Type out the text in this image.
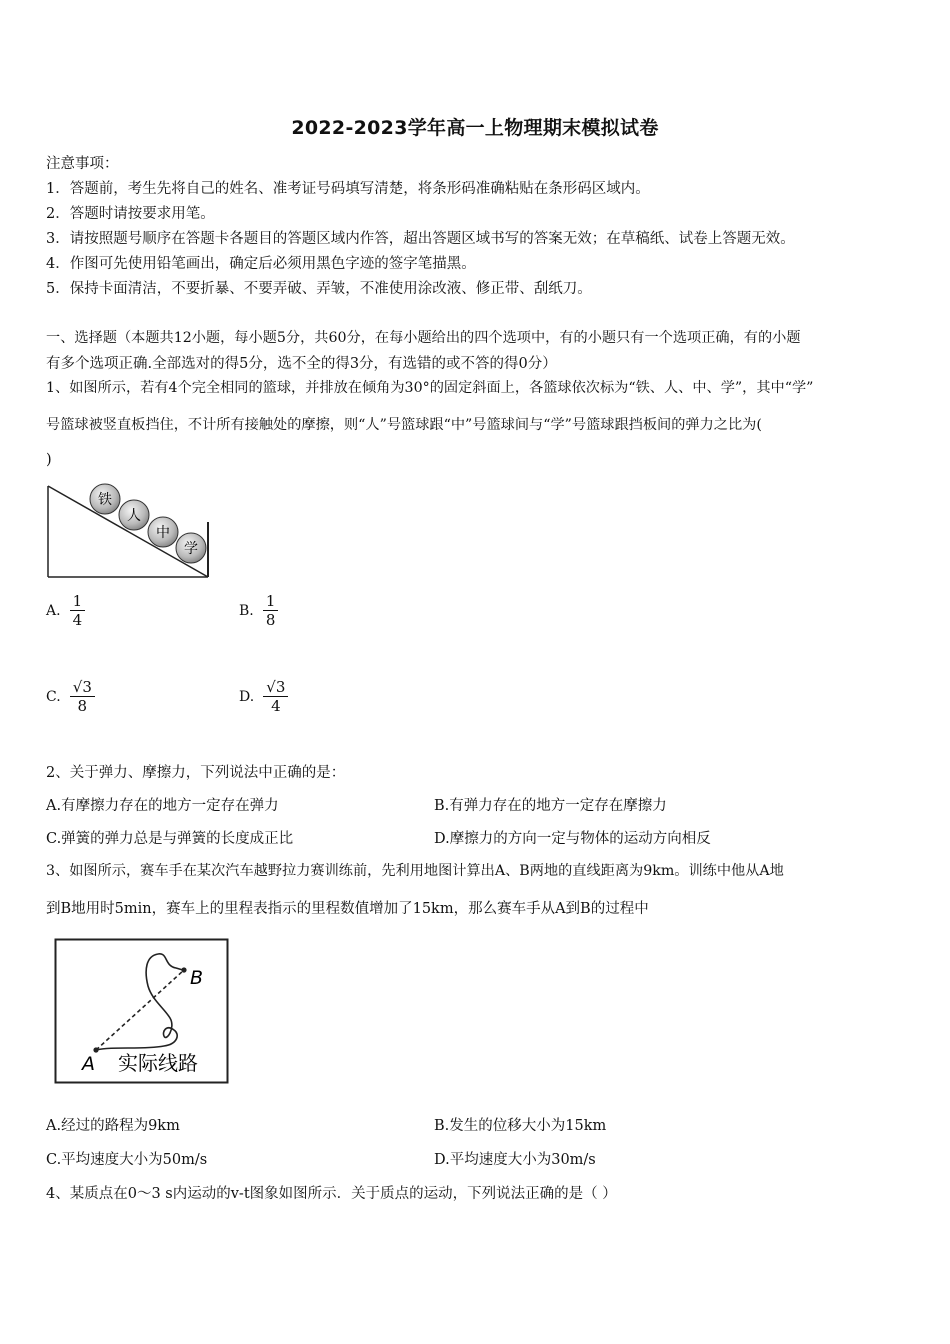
2022-2023学年高一上物理期末模拟试卷
注意事项：
1．答题前，考生先将自己的姓名、准考证号码填写清楚，将条形码准确粘贴在条形码区域内。
2．答题时请按要求用笔。
3．请按照题号顺序在答题卡各题目的答题区域内作答，超出答题区域书写的答案无效；在草稿纸、试卷上答题无效。
4．作图可先使用铅笔画出，确定后必须用黑色字迹的签字笔描黑。
5．保持卡面清洁，不要折暴、不要弄破、弄皱，不准使用涂改液、修正带、刮纸刀。
一、选择题（本题共12小题，每小题5分，共60分，在每小题给出的四个选项中，有的小题只有一个选项正确，有的小题
有多个选项正确.全部选对的得5分，选不全的得3分，有选错的或不答的得0分）
1、如图所示，若有4个完全相同的篮球，并排放在倾角为30°的固定斜面上，各篮球依次标为“铁、人、中、学”，其中“学”
号篮球被竖直板挡住，不计所有接触处的摩擦，则“人”号篮球跟“中”号篮球间与“学”号篮球跟挡板间的弹力之比为(
)
铁
人
中
学
A. $\frac{1}{4}$	B. $\frac{1}{8}$
C. $\frac{√3}{8}$	D. $\frac{√3}{4}$
2、关于弹力、摩擦力，下列说法中正确的是：
A.有摩擦力存在的地方一定存在弹力	B.有弹力存在的地方一定存在摩擦力
C.弹簧的弹力总是与弹簧的长度成正比	D.摩擦力的方向一定与物体的运动方向相反
3、如图所示，赛车手在某次汽车越野拉力赛训练前，先利用地图计算出A、B两地的直线距离为9km。训练中他从A地
到B地用时5min，赛车上的里程表指示的里程数值增加了15km，那么赛车手从A到B的过程中
A
B
实际线路
A.经过的路程为9km	B.发生的位移大小为15km
C.平均速度大小为50m/s	D.平均速度大小为30m/s
4、某质点在0～3 s内运动的v-t图象如图所示．关于质点的运动，下列说法正确的是（ ）
